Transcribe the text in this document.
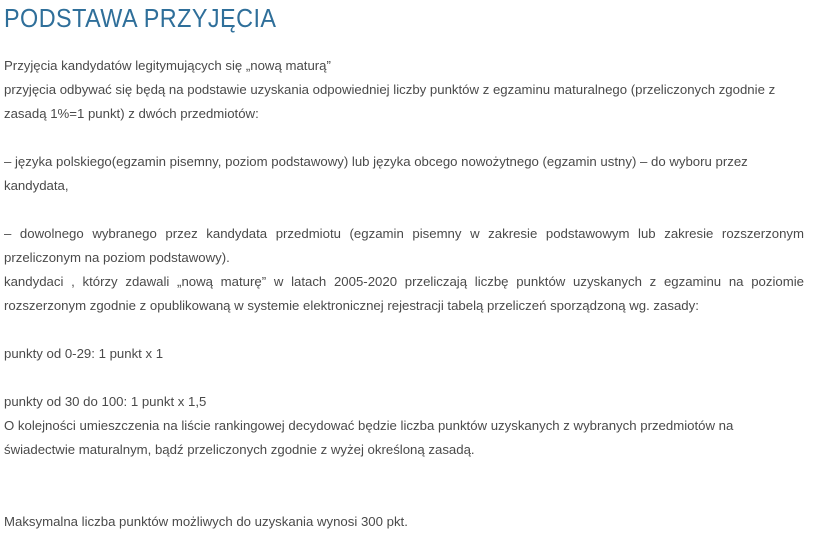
PODSTAWA PRZYJĘCIA

Przyjęcia kandydatów legitymujących się „nową maturą”

przyjęcia odbywać się będą na podstawie uzyskania odpowiedniej liczby punktów z egzaminu maturalnego (przeliczonych zgodnie z zasadą 1%=1 punkt) z dwóch przedmiotów:

– języka polskiego(egzamin pisemny, poziom podstawowy) lub języka obcego nowożytnego (egzamin ustny) – do wyboru przez kandydata,

– dowolnego wybranego przez kandydata przedmiotu (egzamin pisemny w zakresie podstawowym lub zakresie rozszerzonym przeliczonym na poziom podstawowy).

kandydaci , którzy zdawali „nową maturę” w latach 2005-2020 przeliczają liczbę punktów uzyskanych z egzaminu na poziomie rozszerzonym zgodnie z opublikowaną w systemie elektronicznej rejestracji tabelą przeliczeń sporządzoną wg. zasady:

punkty od 0-29: 1 punkt x 1

punkty od 30 do 100: 1 punkt x 1,5

O kolejności umieszczenia na liście rankingowej decydować będzie liczba punktów uzyskanych z wybranych przedmiotów na świadectwie maturalnym, bądź przeliczonych zgodnie z wyżej określoną zasadą.

Maksymalna liczba punktów możliwych do uzyskania wynosi 300 pkt.
